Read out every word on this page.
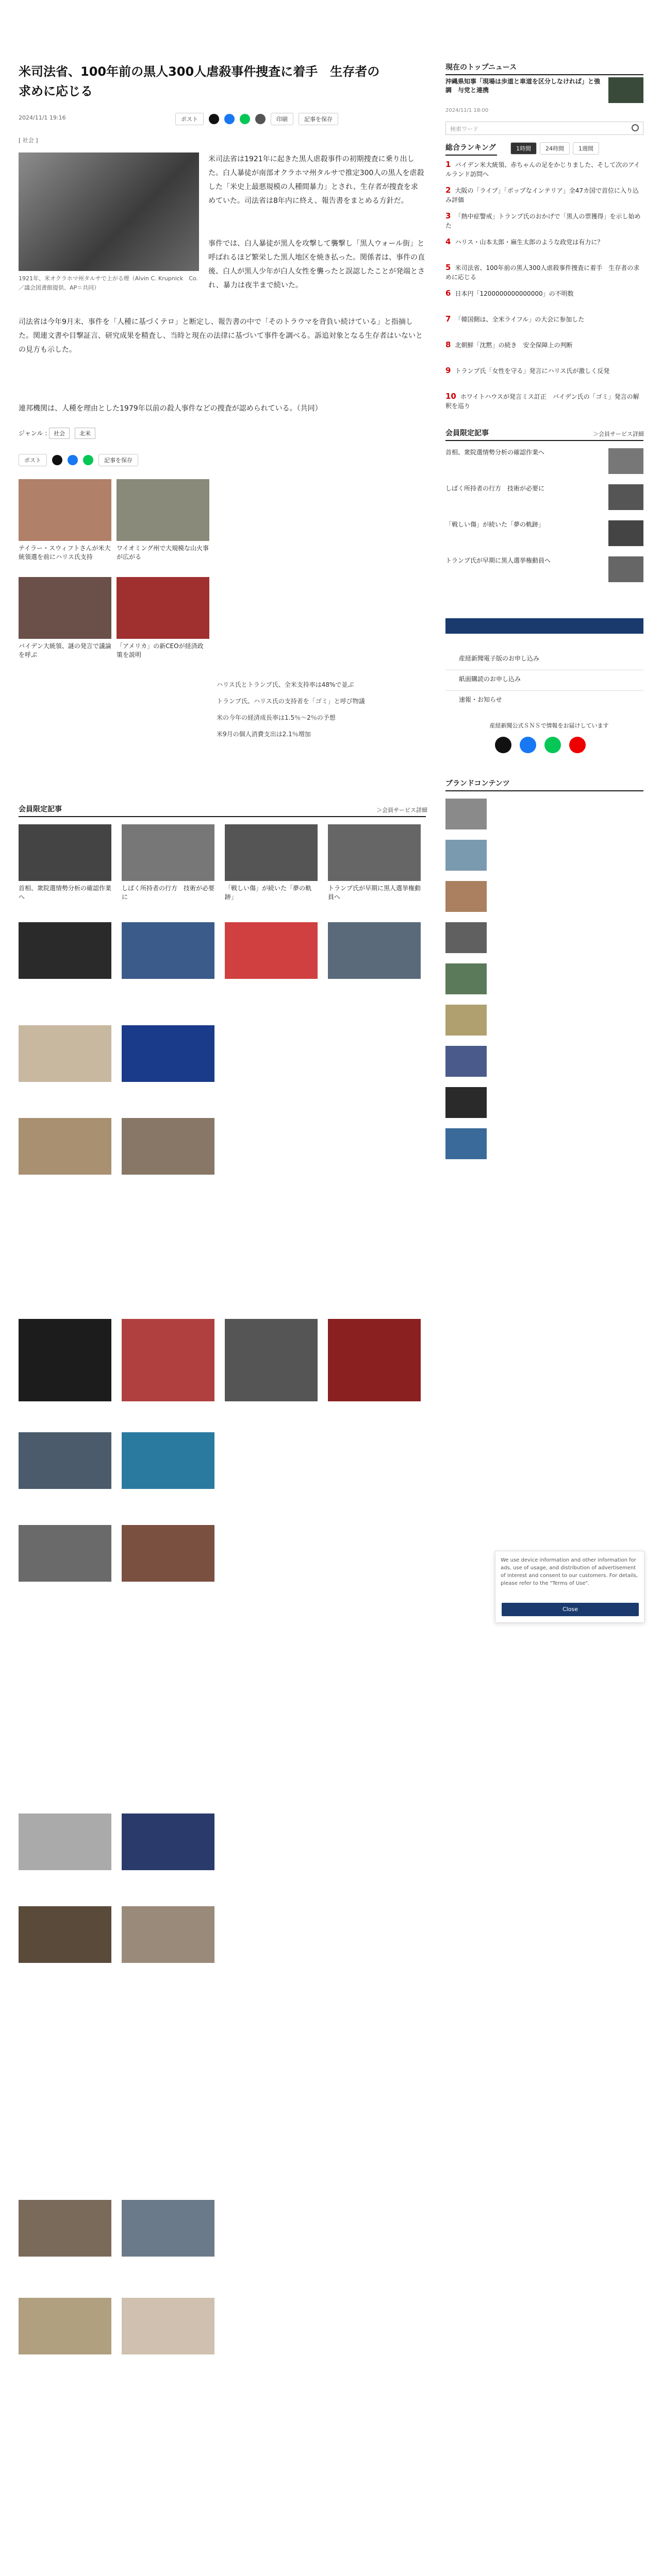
米司法省、100年前の黒人300人虐殺事件捜査に着手　生存者の
求めに応じる
2024/11/1 19:16	ポスト	印刷	記事を保存
[ 社会 ]
1921年、米オクラホマ州タルサで上がる煙（Alvin C. Krupnick　Co.／議会図書館提供、AP＝共同）
米司法省は1921年に起きた黒人虐殺事件の初期捜査に乗り出した。白人暴徒が南部オクラホマ州タルサで推定300人の黒人を虐殺した「米史上最悪規模の人種間暴力」とされ、生存者が捜査を求めていた。司法省は8年内に終え、報告書をまとめる方針だ。
事件では、白人暴徒が黒人を攻撃して襲撃し「黒人ウォール街」と呼ばれるほど繁栄した黒人地区を焼き払った。関係者は、事件の直後、白人が黒人少年が白人女性を襲ったと誤認したことが発端とされ、暴力は夜半まで続いた。
司法省は今年9月末、事件を「人種に基づくテロ」と断定し、報告書の中で「そのトラウマを背負い続けている」と指摘した。関連文書や目撃証言、研究成果を精査し、当時と現在の法律に基づいて事件を調べる。訴追対象となる生存者はいないとの見方も示した。
連邦機関は、人種を理由とした1979年以前の殺人事件などの捜査が認められている。（共同）
ジャンル : 社会	北米
ポスト	記事を保存
テイラー・スウィフトさんが米大統領選を前にハリス氏支持
ワイオミング州で大規模な山火事が広がる
バイデン大統領、謎の発言で議論を呼ぶ
「アメリカ」の新CEOが経済政策を説明
ハリス氏とトランプ氏、全米支持率は48%で並ぶ
トランプ氏、ハリス氏の支持者を「ゴミ」と呼び物議
米の今年の経済成長率は1.5％～2％の予想
米9月の個人消費支出は2.1％増加
会員限定記事	＞会員サービス詳細
首相、衆院選情勢分析の確認作業へ
しばく所持者の行方　技術が必要に
「戦しい傷」が続いた「夢の軌跡」
トランプ氏が早期に黒人選挙権動員へ
現在のトップニュース
沖縄県知事「現場は歩道と車道を区分しなければ」と強調　与党と連携
2024/11/1 18:00
検索ワード
総合ランキング	1時間	24時間	1週間
1 バイデン米大統領、赤ちゃんの足をかじりました、そして次のアイルランド訪問へ
2 大阪の「ライブ」「ポップなインテリア」全47カ国で首位に入り込み評価
3 「熱中症警戒」トランプ氏のおかげで「黒人の票獲得」を示し始めた
4 ハリス・山本太郎・麻生太郎のような政党は有力に？
5 米司法省、100年前の黒人300人虐殺事件捜査に着手　生存者の求めに応じる
6 日本円「1200000000000000」の不明数
7 「韓国側は、全米ライフル」の大会に参加した
8 北朝鮮「沈黙」の続き　安全保障上の判断
9 トランプ氏「女性を守る」発言にハリス氏が激しく反発
10 ホワイトハウスが発言ミス訂正　バイデン氏の「ゴミ」発言の解釈を巡り
会員限定記事	＞会員サービス詳細
首相、衆院選情勢分析の確認作業へ
しばく所持者の行方　技術が必要に
「戦しい傷」が続いた「夢の軌跡」
トランプ氏が早期に黒人選挙権動員へ
産経新聞電子版のお申し込み
紙面購読のお申し込み
速報・お知らせ
産経新聞公式ＳＮＳで情報をお届けしています
ブランドコンテンツ
We use device information and other information for ads, use of usage, and distribution of advertisement of interest and consent to our customers. For details, please refer to the "Terms of Use".
Close
